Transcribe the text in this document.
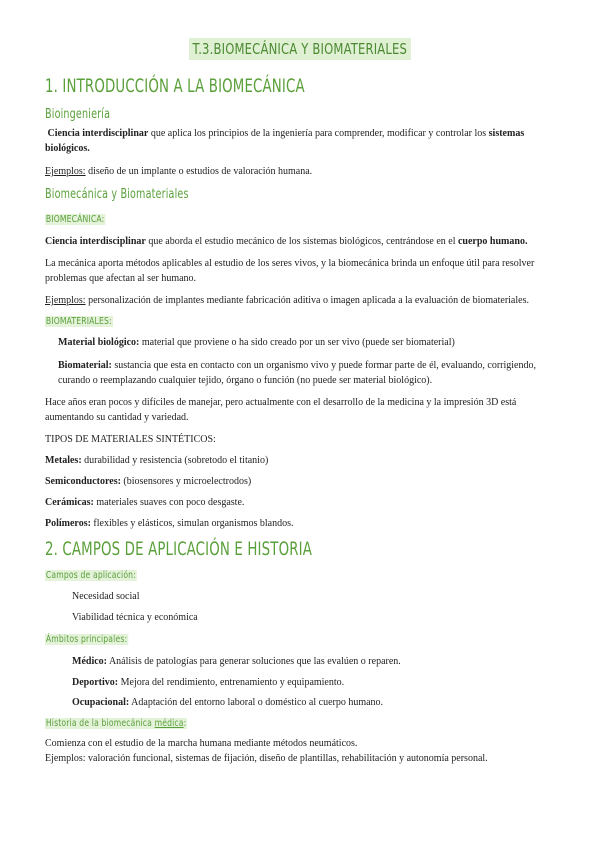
T.3.BIOMECÁNICA Y BIOMATERIALES
1. INTRODUCCIÓN A LA BIOMECÁNICA
Bioingeniería
Ciencia interdisciplinar que aplica los principios de la ingeniería para comprender, modificar y controlar los sistemas biológicos.
Ejemplos: diseño de un implante o estudios de valoración humana.
Biomecánica y Biomateriales
BIOMECÁNICA:
Ciencia interdisciplinar que aborda el estudio mecánico de los sistemas biológicos, centrándose en el cuerpo humano.
La mecánica aporta métodos aplicables al estudio de los seres vivos, y la biomecánica brinda un enfoque útil para resolver problemas que afectan al ser humano.
Ejemplos: personalización de implantes mediante fabricación aditiva o imagen aplicada a la evaluación de biomateriales.
BIOMATERIALES:
Material biológico: material que proviene o ha sido creado por un ser vivo (puede ser biomaterial)
Biomaterial: sustancia que esta en contacto con un organismo vivo y puede formar parte de él, evaluando, corrigiendo, curando o reemplazando cualquier tejido, órgano o función (no puede ser material biológico).
Hace años eran pocos y difíciles de manejar, pero actualmente con el desarrollo de la medicina y la impresión 3D está aumentando su cantidad y variedad.
TIPOS DE MATERIALES SINTÉTICOS:
Metales: durabilidad y resistencia (sobretodo el titanio)
Semiconductores: (biosensores y microelectrodos)
Cerámicas: materiales suaves con poco desgaste.
Polímeros: flexibles y elásticos, simulan organismos blandos.
2. CAMPOS DE APLICACIÓN E HISTORIA
Campos de aplicación:
Necesidad social
Viabilidad técnica y económica
Ámbitos principales:
Médico: Análisis de patologías para generar soluciones que las evalúen o reparen.
Deportivo: Mejora del rendimiento, entrenamiento y equipamiento.
Ocupacional: Adaptación del entorno laboral o doméstico al cuerpo humano.
Historia de la biomecánica médica:
Comienza con el estudio de la marcha humana mediante métodos neumáticos.
Ejemplos: valoración funcional, sistemas de fijación, diseño de plantillas, rehabilitación y autonomía personal.
